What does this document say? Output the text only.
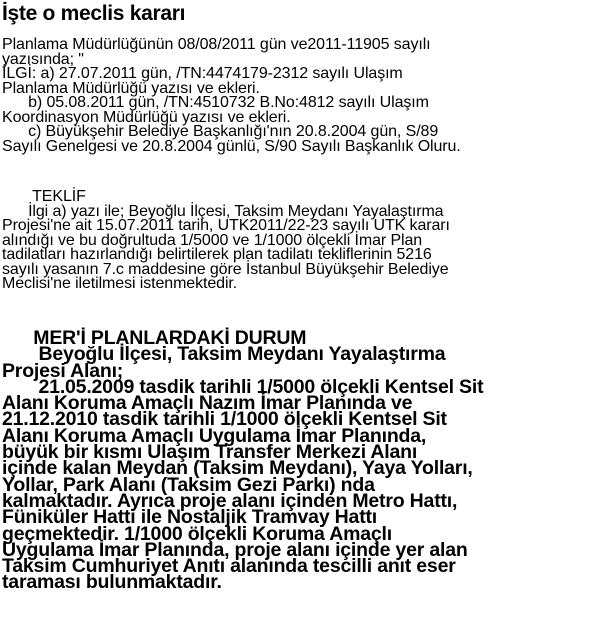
İşte o meclis kararı
Planlama Müdürlüğünün 08/08/2011 gün ve2011-11905 sayılı
yazısında; "
İLGİ: a) 27.07.2011 gün, /TN:4474179-2312 sayılı Ulaşım
Planlama Müdürlüğü yazısı ve ekleri.
b) 05.08.2011 gün, /TN:4510732 B.No:4812 sayılı Ulaşım
Koordinasyon Müdürlüğü yazısı ve ekleri.
c) Büyükşehir Belediye Başkanlığı'nın 20.8.2004 gün, S/89
Sayılı Genelgesi ve 20.8.2004 günlü, S/90 Sayılı Başkanlık Oluru.
TEKLİF
İlgi a) yazı ile; Beyoğlu İlçesi, Taksim Meydanı Yayalaştırma
Projesi'ne ait 15.07.2011 tarih, UTK2011/22-23 sayılı UTK kararı
alındığı ve bu doğrultuda 1/5000 ve 1/1000 ölçekli İmar Plan
tadilatları hazırlandığı belirtilerek plan tadilatı tekliflerinin 5216
sayılı yasanın 7.c maddesine göre İstanbul Büyükşehir Belediye
Meclisi'ne iletilmesi istenmektedir.
MER'İ PLANLARDAKİ DURUM
Beyoğlu İlçesi, Taksim Meydanı Yayalaştırma
Projesi Alanı;
21.05.2009 tasdik tarihli 1/5000 ölçekli Kentsel Sit
Alanı Koruma Amaçlı Nazım İmar Planında ve
21.12.2010 tasdik tarihli 1/1000 ölçekli Kentsel Sit
Alanı Koruma Amaçlı Uygulama İmar Planında,
büyük bir kısmı Ulaşım Transfer Merkezi Alanı
içinde kalan Meydan (Taksim Meydanı), Yaya Yolları,
Yollar, Park Alanı (Taksim Gezi Parkı) nda
kalmaktadır. Ayrıca proje alanı içinden Metro Hattı,
Füniküler Hattı ile Nostaljik Tramvay Hattı
geçmektedir. 1/1000 ölçekli Koruma Amaçlı
Uygulama İmar Planında, proje alanı içinde yer alan
Taksim Cumhuriyet Anıtı alanında tescilli anıt eser
taraması bulunmaktadır.
